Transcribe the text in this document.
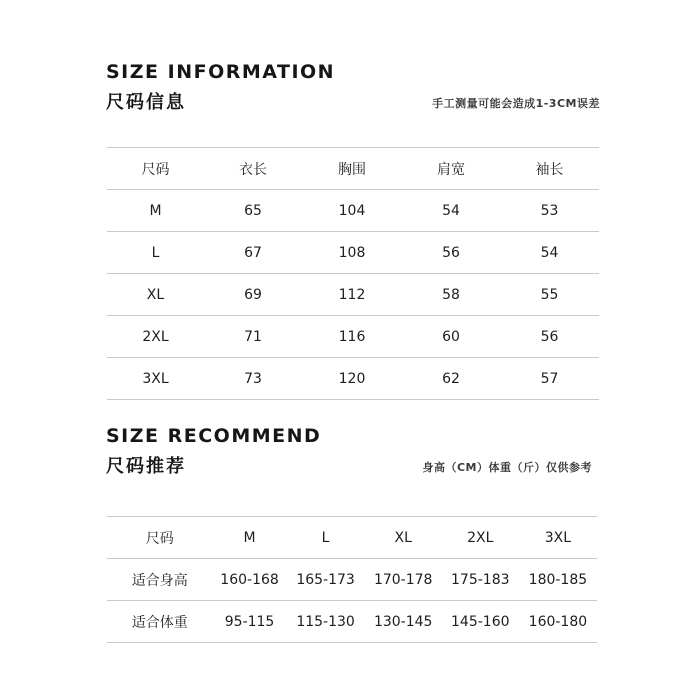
SIZE INFORMATION
尺码信息	手工测量可能会造成1-3CM误差
尺码	衣长	胸围	肩宽	袖长
M	65	104	54	53
L	67	108	56	54
XL	69	112	58	55
2XL	71	116	60	56
3XL	73	120	62	57
SIZE RECOMMEND
尺码推荐	身高（CM）体重（斤）仅供参考
尺码	M	L	XL	2XL	3XL
适合身高	160-168	165-173	170-178	175-183	180-185
适合体重	95-115	115-130	130-145	145-160	160-180
